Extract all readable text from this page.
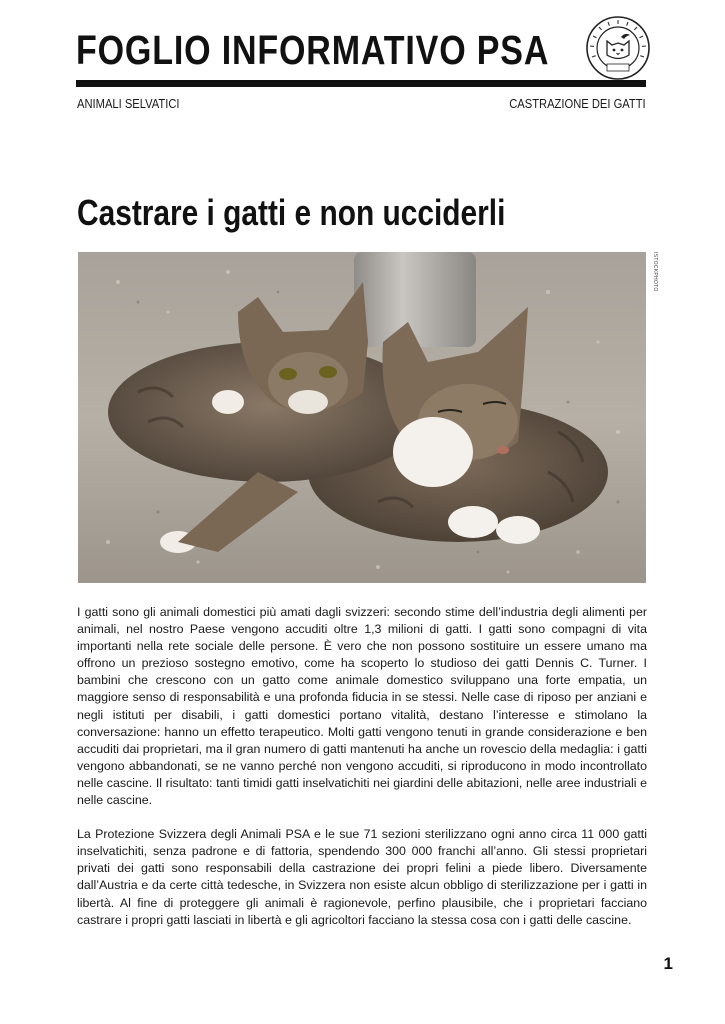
FOGLIO INFORMATIVO PSA
ANIMALI SELVATICI	CASTRAZIONE DEI GATTI
Castrare i gatti e non ucciderli
ISTOCKPHOTO

I gatti sono gli animali domestici più amati dagli svizzeri: secondo stime dell’industria degli alimenti per animali, nel nostro Paese vengono accuditi oltre 1,3 milioni di gatti. I gatti sono compagni di vita importanti nella rete sociale delle persone. È vero che non possono sostituire un essere umano ma offrono un prezioso sostegno emotivo, come ha scoperto lo studioso dei gatti Dennis C. Turner. I bambini che crescono con un gatto come animale domestico sviluppano una forte empatia, un maggiore senso di responsabilità e una profonda fiducia in se stessi. Nelle case di riposo per anziani e negli istituti per disabili, i gatti domestici portano vitalità, destano l’interesse e stimolano la conversazione: hanno un effetto terapeutico. Molti gatti vengono tenuti in grande considerazione e ben accuditi dai proprietari, ma il gran numero di gatti mantenuti ha anche un rovescio della medaglia: i gatti vengono abbandonati, se ne vanno perché non vengono accuditi, si riproducono in modo incontrollato nelle cascine. Il risultato: tanti timidi gatti inselvatichiti nei giardini delle abitazioni, nelle aree industriali e nelle cascine.

La Protezione Svizzera degli Animali PSA e le sue 71 sezioni sterilizzano ogni anno circa 11 000 gatti inselvatichiti, senza padrone e di fattoria, spendendo 300 000 franchi all’anno. Gli stessi proprietari privati dei gatti sono responsabili della castrazione dei propri felini a piede libero. Diversamente dall’Austria e da certe città tedesche, in Svizzera non esiste alcun obbligo di sterilizzazione per i gatti in libertà. Al fine di proteggere gli animali è ragionevole, perfino plausibile, che i proprietari facciano castrare i propri gatti lasciati in libertà e gli agricoltori facciano la stessa cosa con i gatti delle cascine.

1
